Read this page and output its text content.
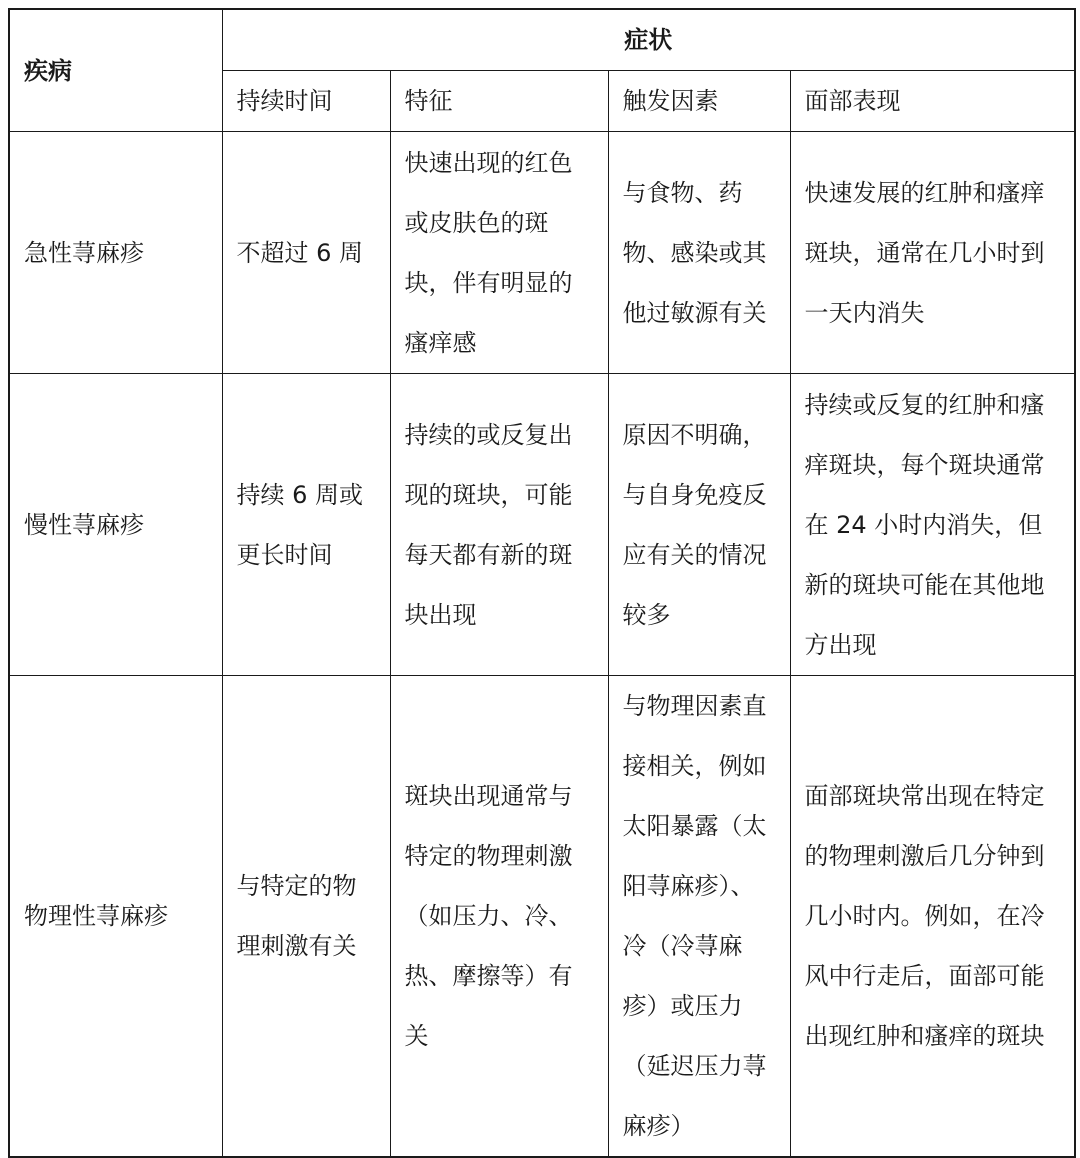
疾病	症状			
	持续时间	特征	触发因素	面部表现
急性荨麻疹	不超过 6 周	快速出现的红色或皮肤色的斑块，伴有明显的瘙痒感	与食物、药物、感染或其他过敏源有关	快速发展的红肿和瘙痒斑块，通常在几小时到一天内消失
慢性荨麻疹	持续 6 周或更长时间	持续的或反复出现的斑块，可能每天都有新的斑块出现	原因不明确，与自身免疫反应有关的情况较多	持续或反复的红肿和瘙痒斑块，每个斑块通常在 24 小时内消失，但新的斑块可能在其他地方出现
物理性荨麻疹	与特定的物理刺激有关	斑块出现通常与特定的物理刺激（如压力、冷、热、摩擦等）有关	与物理因素直接相关，例如太阳暴露（太阳荨麻疹）、冷（冷荨麻疹）或压力（延迟压力荨麻疹）	面部斑块常出现在特定的物理刺激后几分钟到几小时内。例如，在冷风中行走后，面部可能出现红肿和瘙痒的斑块
